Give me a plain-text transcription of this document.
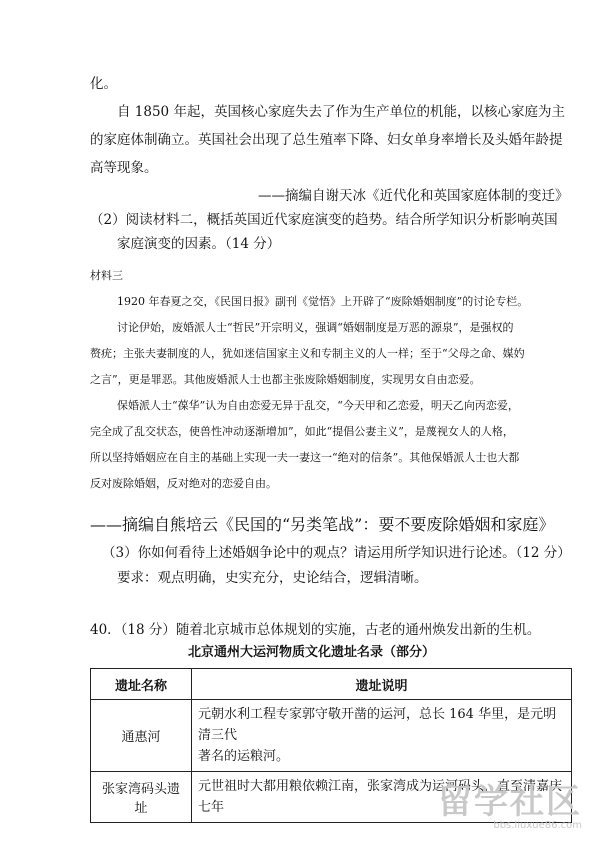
化。
自 1850 年起，英国核心家庭失去了作为生产单位的机能，以核心家庭为主
的家庭体制确立。英国社会出现了总生殖率下降、妇女单身率增长及头婚年龄提
高等现象。
——摘编自谢天冰《近代化和英国家庭体制的变迁》
（2）阅读材料二，概括英国近代家庭演变的趋势。结合所学知识分析影响英国
家庭演变的因素。（14 分）
材料三
1920 年春夏之交，《民国日报》副刊《觉悟》上开辟了“废除婚姻制度”的讨论专栏。
讨论伊始，废婚派人士“哲民”开宗明义，强调“婚姻制度是万恶的源泉”，是强权的
赘疣；主张夫妻制度的人，犹如迷信国家主义和专制主义的人一样；至于“父母之命、媒妁
之言”，更是罪恶。其他废婚派人士也都主张废除婚姻制度，实现男女自由恋爱。
保婚派人士“葆华”认为自由恋爱无异于乱交，“今天甲和乙恋爱，明天乙向丙恋爱，
完全成了乱交状态，使兽性冲动逐渐增加”，如此“提倡公妻主义”，是蔑视女人的人格，
所以坚持婚姻应在自主的基础上实现一夫一妻这一“绝对的信条”。其他保婚派人士也大都
反对废除婚姻，反对绝对的恋爱自由。
——摘编自熊培云《民国的“另类笔战”：要不要废除婚姻和家庭》
（3）你如何看待上述婚姻争论中的观点？请运用所学知识进行论述。（12 分）
要求：观点明确，史实充分，史论结合，逻辑清晰。
40．（18 分）随着北京城市总体规划的实施，古老的通州焕发出新的生机。
北京通州大运河物质文化遗址名录（部分）
遗址名称	遗址说明
通惠河	元朝水利工程专家郭守敬开凿的运河，总长 164 华里，是元明清三代
著名的运粮河。

张家湾码头遗址	元世祖时大都用粮依赖江南，张家湾成为运河码头，直至清嘉庆七年	留学社区
bbs.liuxue86.com
